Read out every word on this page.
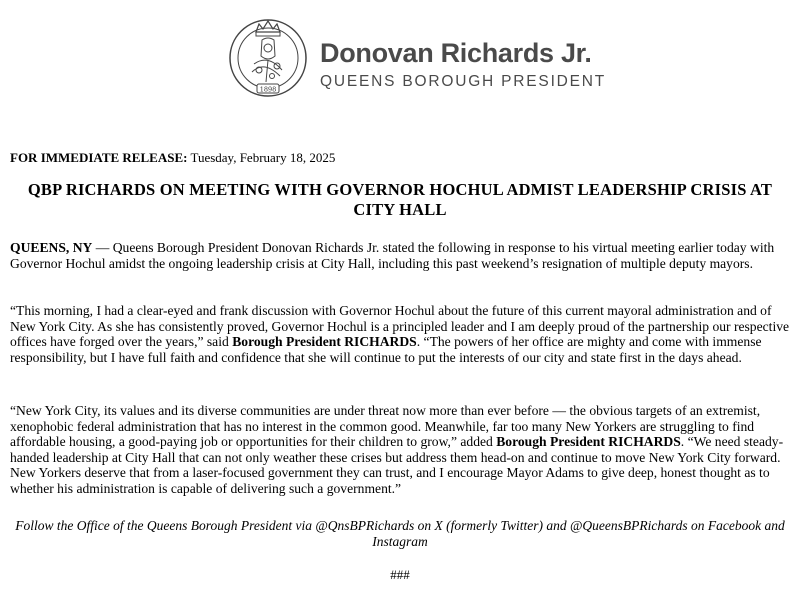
1898
Donovan Richards Jr.
QUEENS BOROUGH PRESIDENT
FOR IMMEDIATE RELEASE: Tuesday, February 18, 2025
QBP RICHARDS ON MEETING WITH GOVERNOR HOCHUL ADMIST LEADERSHIP CRISIS AT CITY HALL

QUEENS, NY — Queens Borough President Donovan Richards Jr. stated the following in response to his virtual meeting earlier today with Governor Hochul amidst the ongoing leadership crisis at City Hall, including this past weekend’s resignation of multiple deputy mayors.

“This morning, I had a clear-eyed and frank discussion with Governor Hochul about the future of this current mayoral administration and of New York City. As she has consistently proved, Governor Hochul is a principled leader and I am deeply proud of the partnership our respective offices have forged over the years,” said Borough President RICHARDS. “The powers of her office are mighty and come with immense responsibility, but I have full faith and confidence that she will continue to put the interests of our city and state first in the days ahead.

“New York City, its values and its diverse communities are under threat now more than ever before — the obvious targets of an extremist, xenophobic federal administration that has no interest in the common good. Meanwhile, far too many New Yorkers are struggling to find affordable housing, a good-paying job or opportunities for their children to grow,” added Borough President RICHARDS. “We need steady-handed leadership at City Hall that can not only weather these crises but address them head-on and continue to move New York City forward. New Yorkers deserve that from a laser-focused government they can trust, and I encourage Mayor Adams to give deep, honest thought as to whether his administration is capable of delivering such a government.”

Follow the Office of the Queens Borough President via @QnsBPRichards on X (formerly Twitter) and @QueensBPRichards on Facebook and Instagram
###
